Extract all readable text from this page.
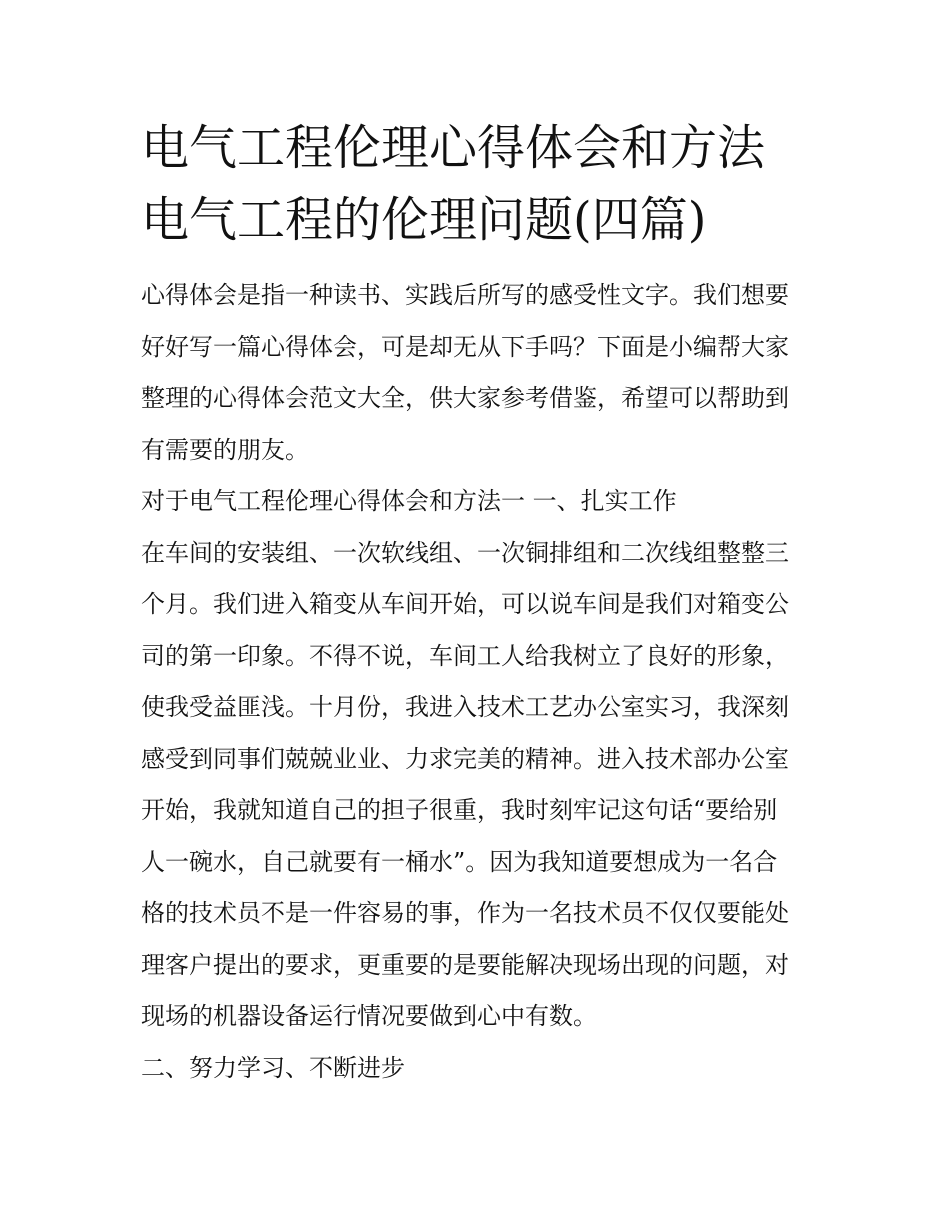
电气工程伦理心得体会和方法
电气工程的伦理问题(四篇)

心得体会是指一种读书、实践后所写的感受性文字。我们想要
好好写一篇心得体会，可是却无从下手吗？下面是小编帮大家
整理的心得体会范文大全，供大家参考借鉴，希望可以帮助到
有需要的朋友。

对于电气工程伦理心得体会和方法一 一、扎实工作

在车间的安装组、一次软线组、一次铜排组和二次线组整整三
个月。我们进入箱变从车间开始，可以说车间是我们对箱变公
司的第一印象。不得不说，车间工人给我树立了良好的形象，
使我受益匪浅。十月份，我进入技术工艺办公室实习，我深刻
感受到同事们兢兢业业、力求完美的精神。进入技术部办公室
开始，我就知道自己的担子很重，我时刻牢记这句话“要给别
人一碗水，自己就要有一桶水”。因为我知道要想成为一名合
格的技术员不是一件容易的事，作为一名技术员不仅仅要能处
理客户提出的要求，更重要的是要能解决现场出现的问题，对
现场的机器设备运行情况要做到心中有数。

二、努力学习、不断进步
